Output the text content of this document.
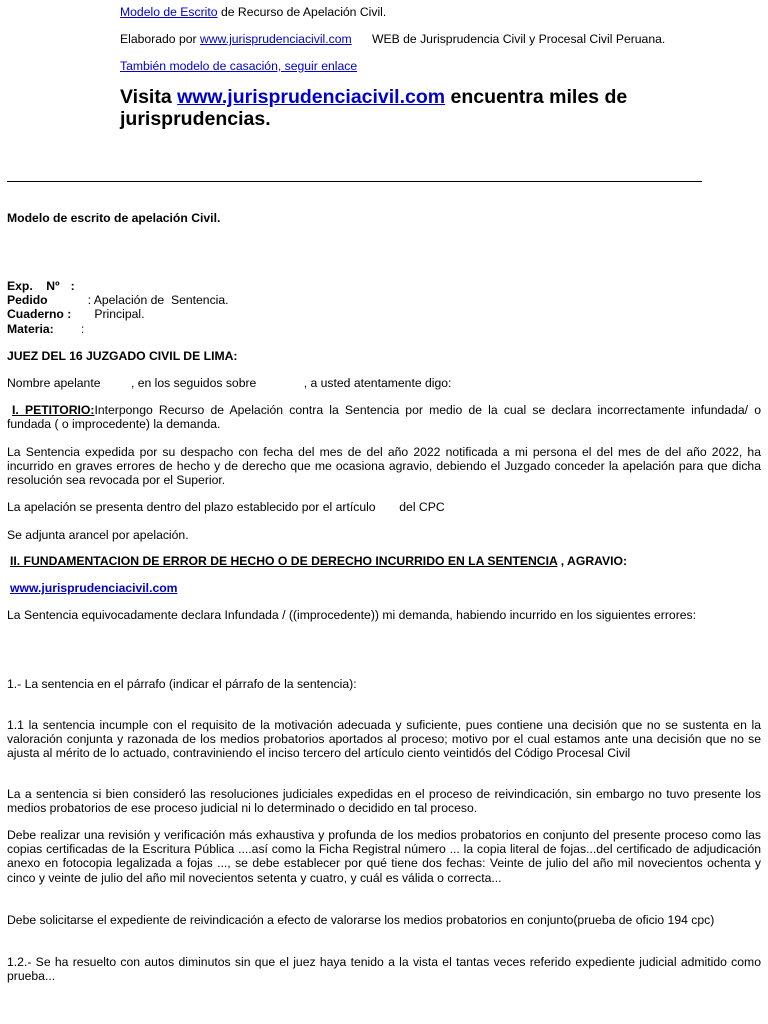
Modelo de Escrito de Recurso de Apelación Civil.
Elaborado por www.jurisprudenciacivil.com      WEB de Jurisprudencia Civil y Procesal Civil Peruana.
También modelo de casación, seguir enlace
Visita www.jurisprudenciacivil.com encuentra miles de jurisprudencias.
Modelo de escrito de apelación Civil.
Exp.    Nº	:	
Pedido	:	Apelación de  Sentencia.
Cuaderno	:	Principal.
Materia:	:	
JUEZ DEL 16 JUZGADO CIVIL DE LIMA:
Nombre apelante         , en los seguidos sobre              , a usted atentamente digo:

I. PETITORIO:Interpongo Recurso de Apelación contra la Sentencia por medio de la cual se declara incorrectamente infundada/ o fundada ( o improcedente) la demanda.

La Sentencia expedida por su despacho con fecha del mes de del año 2022 notificada a mi persona el del mes de del año 2022, ha incurrido en graves errores de hecho y de derecho que me ocasiona agravio, debiendo el Juzgado conceder la apelación para que dicha resolución sea revocada por el Superior.

La apelación se presenta dentro del plazo establecido por el artículo       del CPC
Se adjunta arancel por apelación.
II. FUNDAMENTACION DE ERROR DE HECHO O DE DERECHO INCURRIDO EN LA SENTENCIA , AGRAVIO:
www.jurisprudenciacivil.com

La Sentencia equivocadamente declara Infundada / ((improcedente)) mi demanda, habiendo incurrido en los siguientes errores:

1.- La sentencia en el párrafo (indicar el párrafo de la sentencia):

1.1 la sentencia incumple con el requisito de la motivación adecuada y suficiente, pues contiene una decisión que no se sustenta en la valoración conjunta y razonada de los medios probatorios aportados al proceso; motivo por el cual estamos ante una decisión que no se ajusta al mérito de lo actuado, contraviniendo el inciso tercero del artículo ciento veintidós del Código Procesal Civil

La a sentencia si bien consideró las resoluciones judiciales expedidas en el proceso de reivindicación, sin embargo no tuvo presente los medios probatorios de ese proceso judicial ni lo determinado o decidido en tal proceso.

Debe realizar una revisión y verificación más exhaustiva y profunda de los medios probatorios en conjunto del presente proceso como las copias certificadas de la Escritura Pública ....así como la Ficha Registral número ... la copia literal de fojas...del certificado de adjudicación anexo en fotocopia legalizada a fojas ..., se debe establecer por qué tiene dos fechas: Veinte de julio del año mil novecientos ochenta y cinco y veinte de julio del año mil novecientos setenta y cuatro, y cuál es válida o correcta...

Debe solicitarse el expediente de reivindicación a efecto de valorarse los medios probatorios en conjunto(prueba de oficio 194 cpc)

1.2.- Se ha resuelto con autos diminutos sin que el juez haya tenido a la vista el tantas veces referido expediente judicial admitido como prueba...
